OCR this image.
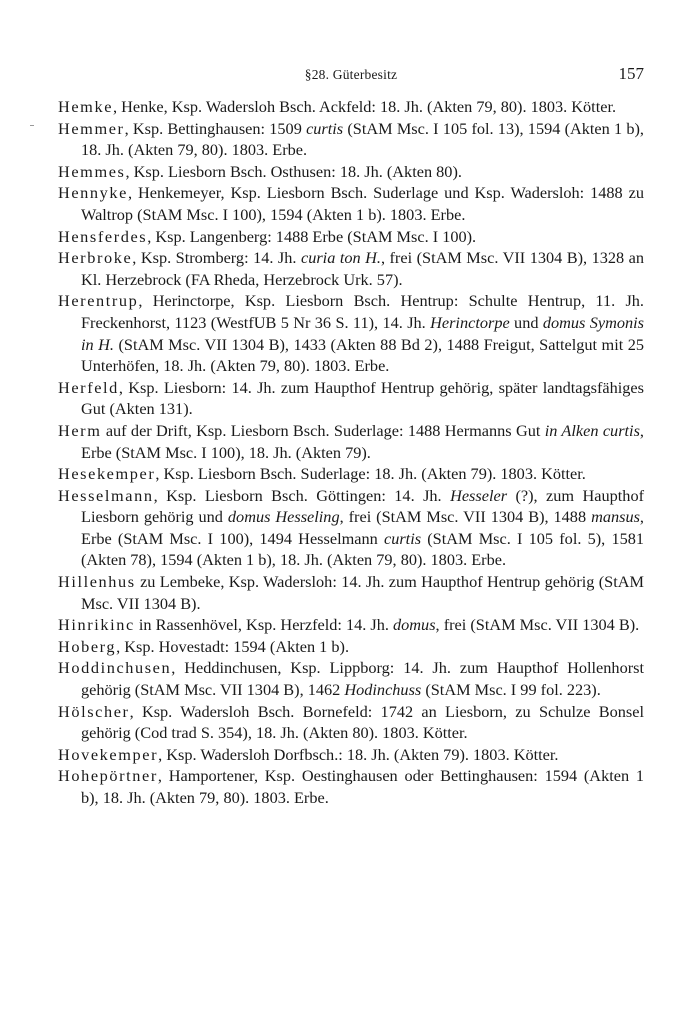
§28. Güterbesitz	157

Hemke, Henke, Ksp. Wadersloh Bsch. Ackfeld: 18. Jh. (Akten 79, 80). 1803. Kötter.

Hemmer, Ksp. Bettinghausen: 1509 curtis (StAM Msc. I 105 fol. 13), 1594 (Akten 1 b), 18. Jh. (Akten 79, 80). 1803. Erbe.

Hemmes, Ksp. Liesborn Bsch. Osthusen: 18. Jh. (Akten 80).

Hennyke, Henkemeyer, Ksp. Liesborn Bsch. Suderlage und Ksp. Wadersloh: 1488 zu Waltrop (StAM Msc. I 100), 1594 (Akten 1 b). 1803. Erbe.

Hensferdes, Ksp. Langenberg: 1488 Erbe (StAM Msc. I 100).

Herbroke, Ksp. Stromberg: 14. Jh. curia ton H., frei (StAM Msc. VII 1304 B), 1328 an Kl. Herzebrock (FA Rheda, Herzebrock Urk. 57).

Herentrup, Herinctorpe, Ksp. Liesborn Bsch. Hentrup: Schulte Hentrup, 11. Jh. Freckenhorst, 1123 (WestfUB 5 Nr 36 S. 11), 14. Jh. Herinctorpe und domus Symonis in H. (StAM Msc. VII 1304 B), 1433 (Akten 88 Bd 2), 1488 Freigut, Sattelgut mit 25 Unterhöfen, 18. Jh. (Akten 79, 80). 1803. Erbe.

Herfeld, Ksp. Liesborn: 14. Jh. zum Haupthof Hentrup gehörig, später landtagsfähiges Gut (Akten 131).

Herm auf der Drift, Ksp. Liesborn Bsch. Suderlage: 1488 Hermanns Gut in Alken curtis, Erbe (StAM Msc. I 100), 18. Jh. (Akten 79).

Hesekemper, Ksp. Liesborn Bsch. Suderlage: 18. Jh. (Akten 79). 1803. Kötter.

Hesselmann, Ksp. Liesborn Bsch. Göttingen: 14. Jh. Hesseler (?), zum Haupthof Liesborn gehörig und domus Hesseling, frei (StAM Msc. VII 1304 B), 1488 mansus, Erbe (StAM Msc. I 100), 1494 Hesselmann curtis (StAM Msc. I 105 fol. 5), 1581 (Akten 78), 1594 (Akten 1 b), 18. Jh. (Akten 79, 80). 1803. Erbe.

Hillenhus zu Lembeke, Ksp. Wadersloh: 14. Jh. zum Haupthof Hentrup gehörig (StAM Msc. VII 1304 B).

Hinrikinc in Rassenhövel, Ksp. Herzfeld: 14. Jh. domus, frei (StAM Msc. VII 1304 B).

Hoberg, Ksp. Hovestadt: 1594 (Akten 1 b).

Hoddinchusen, Heddinchusen, Ksp. Lippborg: 14. Jh. zum Haupthof Hollenhorst gehörig (StAM Msc. VII 1304 B), 1462 Hodinchuss (StAM Msc. I 99 fol. 223).

Hölscher, Ksp. Wadersloh Bsch. Bornefeld: 1742 an Liesborn, zu Schulze Bonsel gehörig (Cod trad S. 354), 18. Jh. (Akten 80). 1803. Kötter.

Hovekemper, Ksp. Wadersloh Dorfbsch.: 18. Jh. (Akten 79). 1803. Kötter.

Hohepörtner, Hamportener, Ksp. Oestinghausen oder Bettinghausen: 1594 (Akten 1 b), 18. Jh. (Akten 79, 80). 1803. Erbe.
